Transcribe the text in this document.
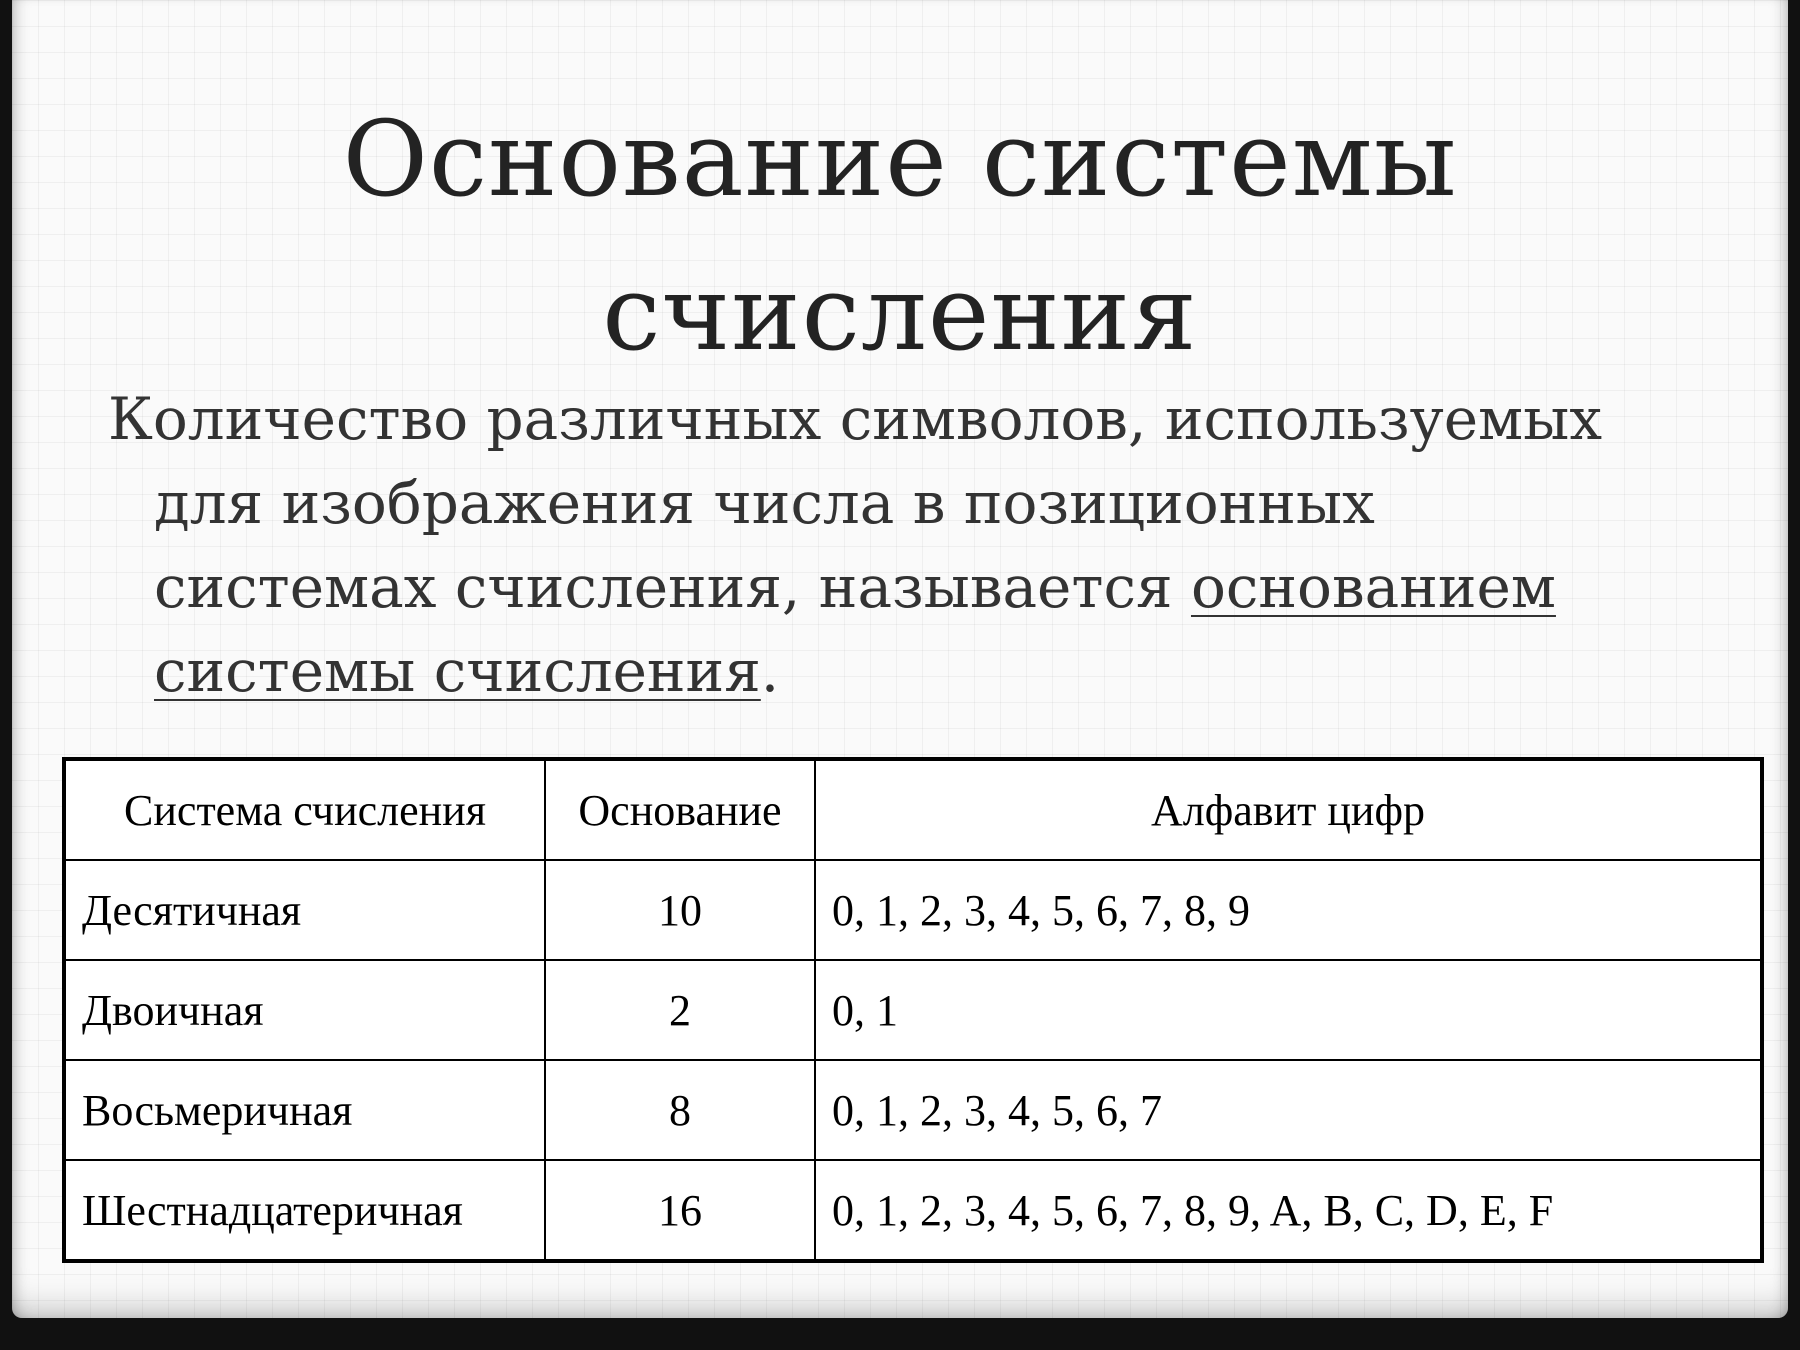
Основание системы
счисления
Количество различных символов, используемых
для изображения числа в позиционных
системах счисления, называется основанием
системы счисления.
Система счисления	Основание	Алфавит цифр
Десятичная	10	0, 1, 2, 3, 4, 5, 6, 7, 8, 9
Двоичная	2	0, 1
Восьмеричная	8	0, 1, 2, 3, 4, 5, 6, 7
Шестнадцатеричная	16	0, 1, 2, 3, 4, 5, 6, 7, 8, 9, A, B, C, D, E, F
